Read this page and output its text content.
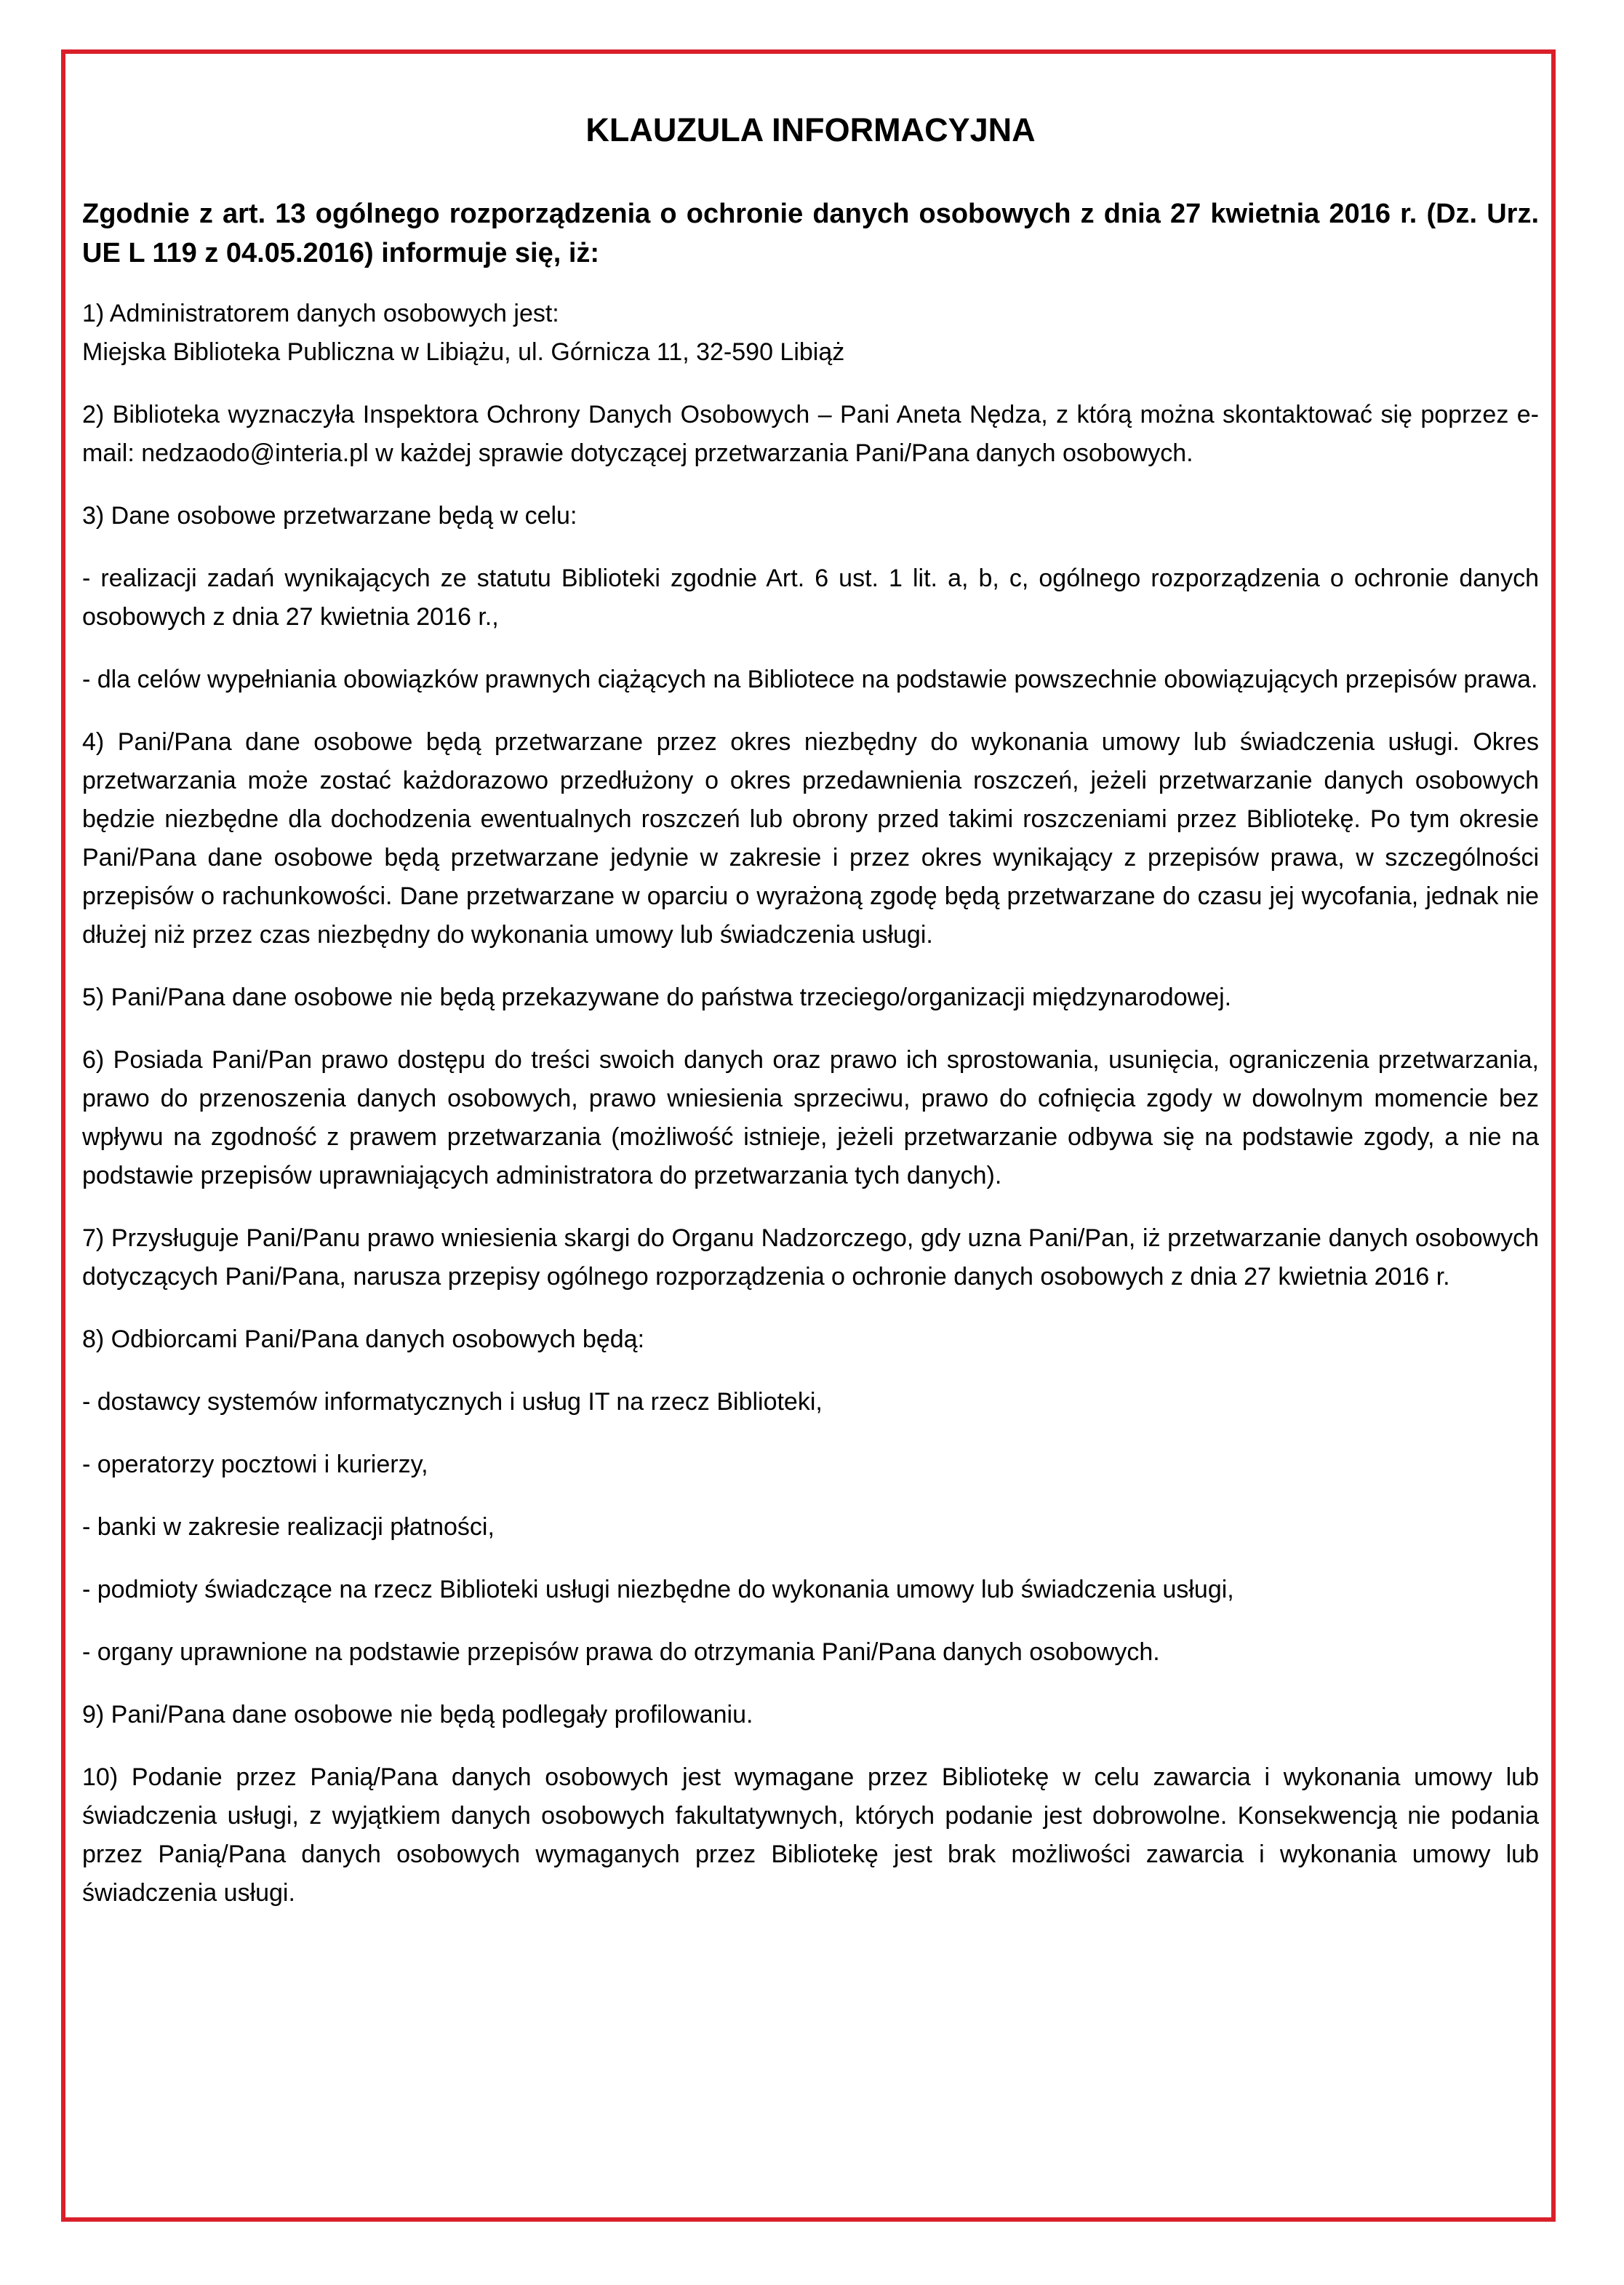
KLAUZULA INFORMACYJNA
Zgodnie z art. 13 ogólnego rozporządzenia o ochronie danych osobowych z dnia 27 kwietnia 2016 r. (Dz. Urz. UE L 119 z 04.05.2016) informuje się, iż:
1) Administratorem danych osobowych jest:
Miejska Biblioteka Publiczna w Libiążu, ul. Górnicza 11, 32-590 Libiąż
2) Biblioteka wyznaczyła Inspektora Ochrony Danych Osobowych – Pani Aneta Nędza, z którą można skontaktować się poprzez e-mail: nedzaodo@interia.pl w każdej sprawie dotyczącej przetwarzania Pani/Pana danych osobowych.
3) Dane osobowe przetwarzane będą w celu:
- realizacji zadań wynikających ze statutu Biblioteki zgodnie Art. 6 ust. 1 lit. a, b, c, ogólnego rozporządzenia o ochronie danych osobowych z dnia 27 kwietnia 2016 r.,
- dla celów wypełniania obowiązków prawnych ciążących na Bibliotece na podstawie powszechnie obowiązujących przepisów prawa.
4) Pani/Pana dane osobowe będą przetwarzane przez okres niezbędny do wykonania umowy lub świadczenia usługi. Okres przetwarzania może zostać każdorazowo przedłużony o okres przedawnienia roszczeń, jeżeli przetwarzanie danych osobowych będzie niezbędne dla dochodzenia ewentualnych roszczeń lub obrony przed takimi roszczeniami przez Bibliotekę. Po tym okresie Pani/Pana dane osobowe będą przetwarzane jedynie w zakresie i przez okres wynikający z przepisów prawa, w szczególności przepisów o rachunkowości. Dane przetwarzane w oparciu o wyrażoną zgodę będą przetwarzane do czasu jej wycofania, jednak nie dłużej niż przez czas niezbędny do wykonania umowy lub świadczenia usługi.
5) Pani/Pana dane osobowe nie będą przekazywane do państwa trzeciego/organizacji międzynarodowej.
6) Posiada Pani/Pan prawo dostępu do treści swoich danych oraz prawo ich sprostowania, usunięcia, ograniczenia przetwarzania, prawo do przenoszenia danych osobowych, prawo wniesienia sprzeciwu, prawo do cofnięcia zgody w dowolnym momencie bez wpływu na zgodność z prawem przetwarzania (możliwość istnieje, jeżeli przetwarzanie odbywa się na podstawie zgody, a nie na podstawie przepisów uprawniających administratora do przetwarzania tych danych).
7) Przysługuje Pani/Panu prawo wniesienia skargi do Organu Nadzorczego, gdy uzna Pani/Pan, iż przetwarzanie danych osobowych dotyczących Pani/Pana, narusza przepisy ogólnego rozporządzenia o ochronie danych osobowych z dnia 27 kwietnia 2016 r.
8) Odbiorcami Pani/Pana danych osobowych będą:
- dostawcy systemów informatycznych i usług IT na rzecz Biblioteki,
- operatorzy pocztowi i kurierzy,
- banki w zakresie realizacji płatności,
- podmioty świadczące na rzecz Biblioteki usługi niezbędne do wykonania umowy lub świadczenia usługi,
- organy uprawnione na podstawie przepisów prawa do otrzymania Pani/Pana danych osobowych.
9) Pani/Pana dane osobowe nie będą podlegały profilowaniu.
10) Podanie przez Panią/Pana danych osobowych jest wymagane przez Bibliotekę w celu zawarcia i wykonania umowy lub świadczenia usługi, z wyjątkiem danych osobowych fakultatywnych, których podanie jest dobrowolne. Konsekwencją nie podania przez Panią/Pana danych osobowych wymaganych przez Bibliotekę jest brak możliwości zawarcia i wykonania umowy lub świadczenia usługi.
